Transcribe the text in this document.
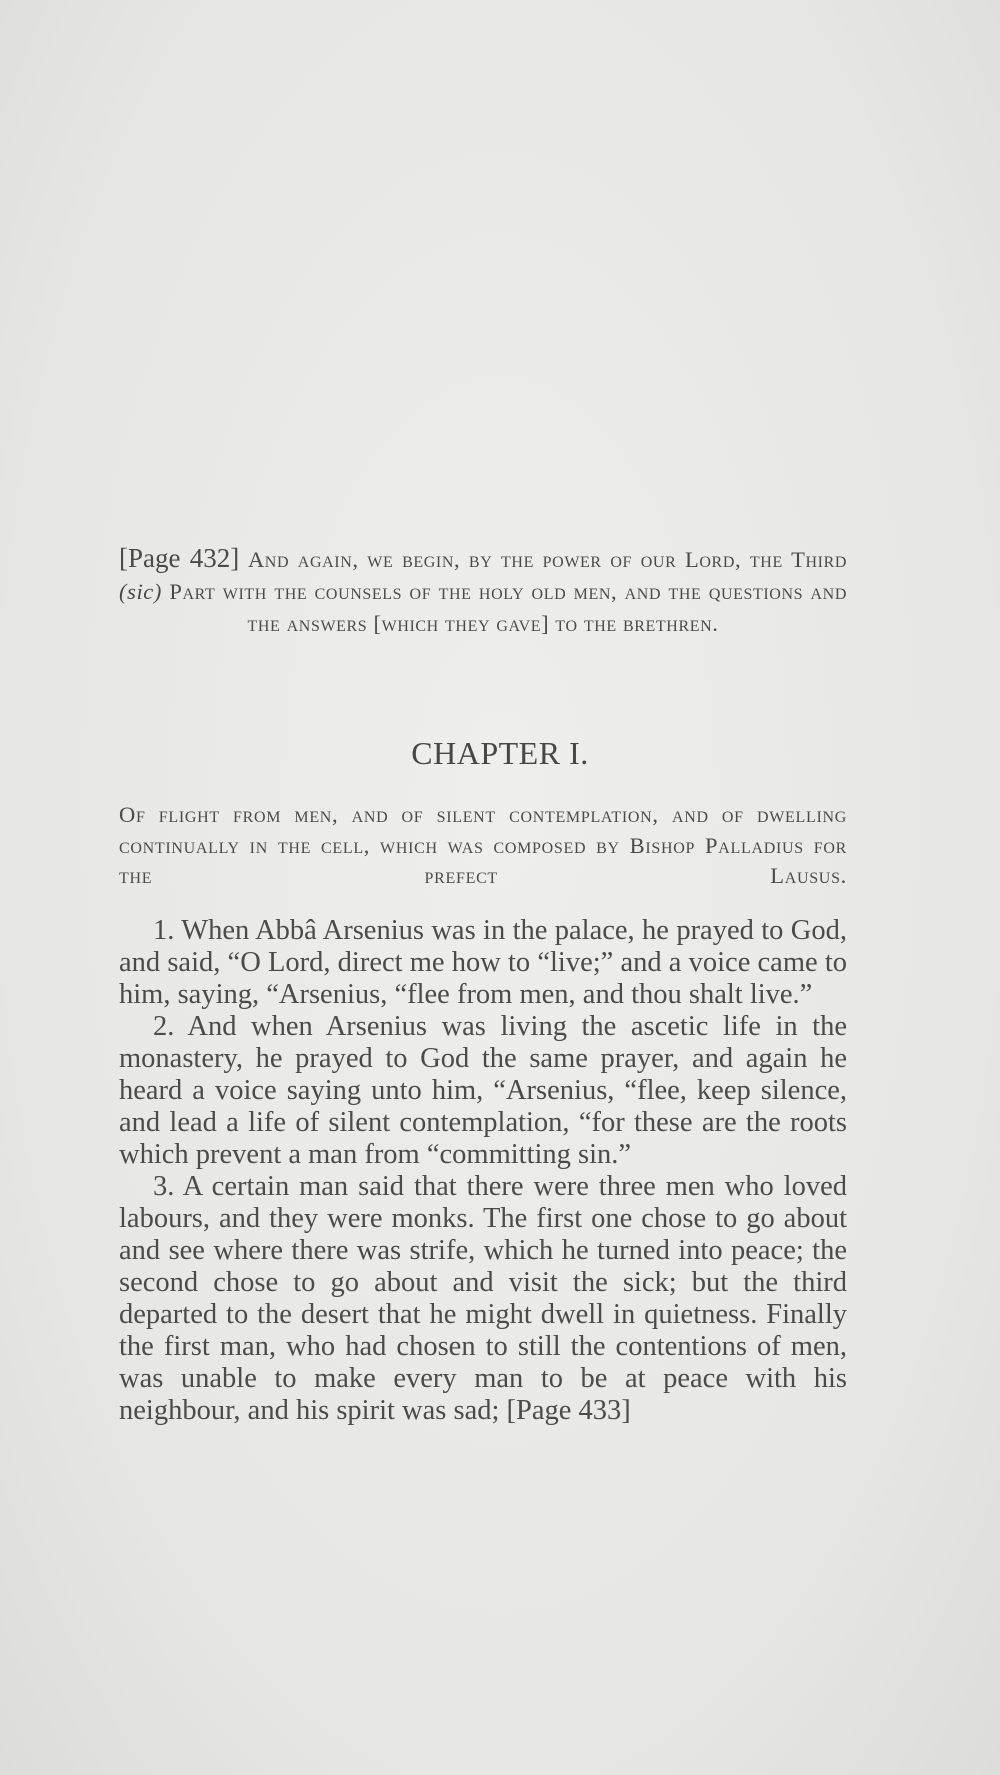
[Page 432] And again, we begin, by the power of our Lord, the Third (sic) Part with the counsels of the holy old men, and the questions and the answers [which they gave] to the brethren.
CHAPTER I.
Of flight from men, and of silent contemplation, and of dwelling continually in the cell, which was composed by Bishop Palladius for the prefect Lausus.

1. When Abbâ Arsenius was in the palace, he prayed to God, and said, “O Lord, direct me how to “live;” and a voice came to him, saying, “Arsenius, “flee from men, and thou shalt live.”

2. And when Arsenius was living the ascetic life in the monastery, he prayed to God the same prayer, and again he heard a voice saying unto him, “Arsenius, “flee, keep silence, and lead a life of silent contemplation, “for these are the roots which prevent a man from “committing sin.”

3. A certain man said that there were three men who loved labours, and they were monks. The first one chose to go about and see where there was strife, which he turned into peace; the second chose to go about and visit the sick; but the third departed to the desert that he might dwell in quietness. Finally the first man, who had chosen to still the contentions of men, was unable to make every man to be at peace with his neighbour, and his spirit was sad; [Page 433]
